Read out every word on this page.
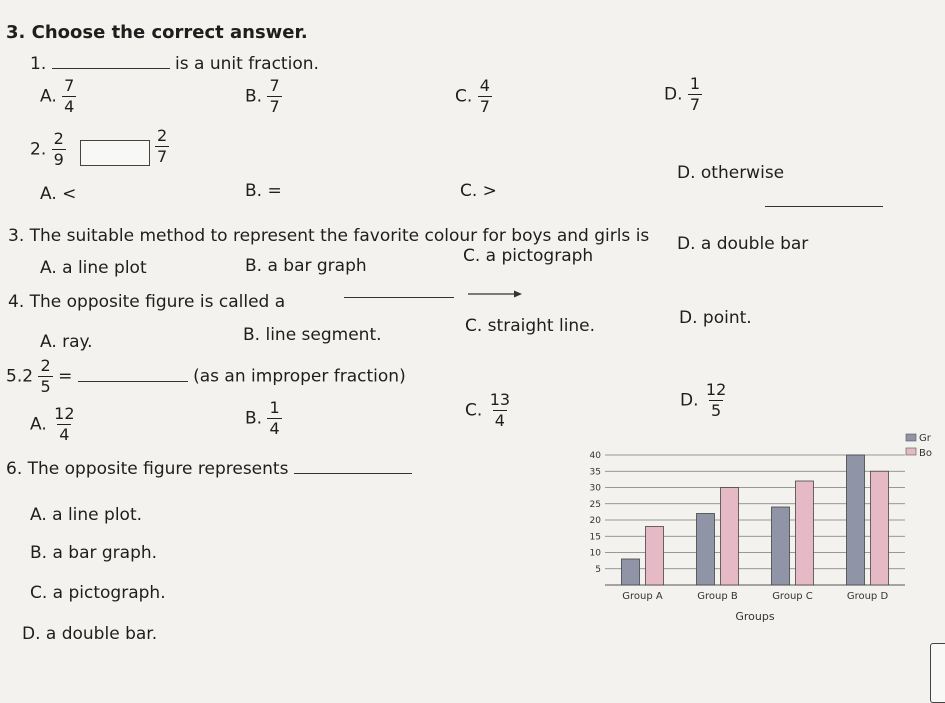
3. Choose the correct answer.
1.	is a unit fraction.
A. $\frac{7}{4}$	B. $\frac{7}{7}$	C. $\frac{4}{7}$	D. $\frac{1}{7}$
2. $\frac{2}{9}$	$\frac{2}{7}$
A. <	B. =	C. >
D. otherwise
3. The suitable method to represent the favorite colour for boys and girls is
A. a line plot	B. a bar graph	C. a pictograph
D. a double bar
4. The opposite figure is called a
A. ray.	B. line segment.	C. straight line.	D. point.
$5.2 \frac{2}{5}$ =	(as an improper fraction)
A. $\frac{12}{4}$	B. $\frac{1}{4}$	C. $\frac{13}{4}$	D. $\frac{12}{5}$
6. The opposite figure represents
A. a line plot.
B. a bar graph.
C. a pictograph.
D. a double bar.
5
10
15
20
25
30
35
40
Group A	Group B	Group C	Group D
Groups
Gr
Bo
